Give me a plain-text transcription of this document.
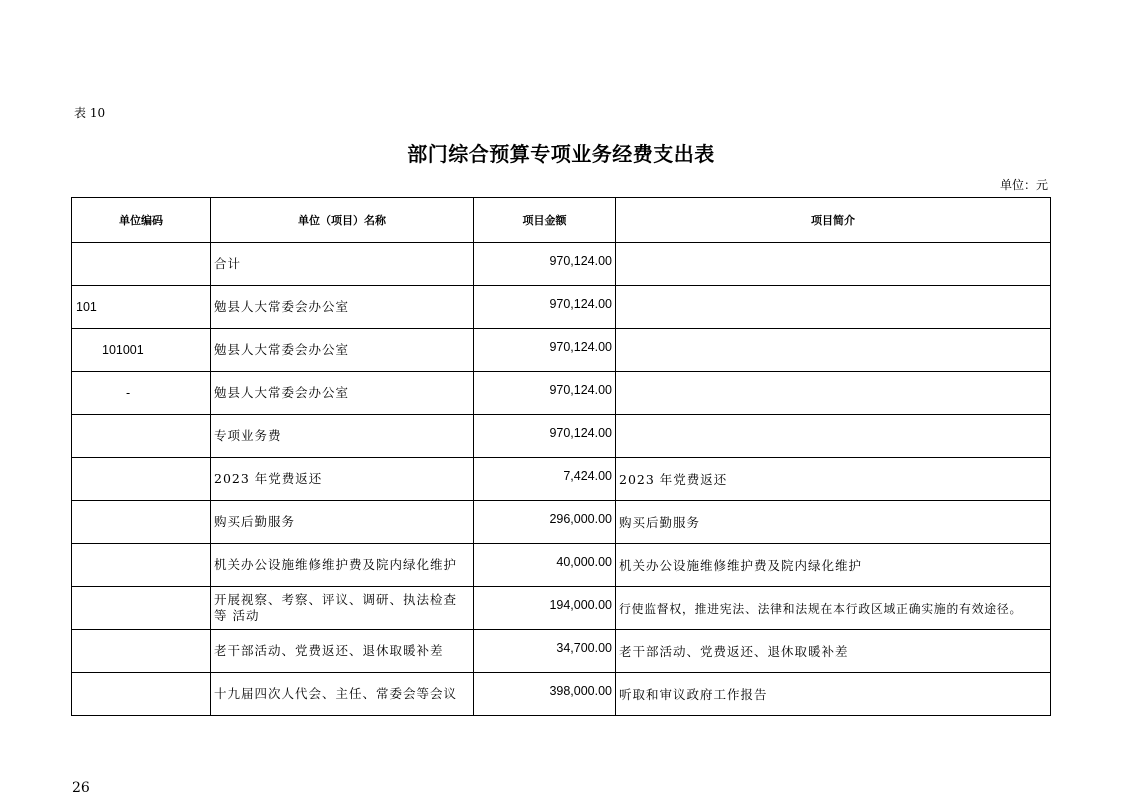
表 10
部门综合预算专项业务经费支出表
单位：元
单位编码	单位（项目）名称	项目金额	项目简介
	合计	970,124.00	
101	勉县人大常委会办公室	970,124.00	
101001	勉县人大常委会办公室	970,124.00	
-	勉县人大常委会办公室	970,124.00	
	专项业务费	970,124.00	
	2023 年党费返还	7,424.00	2023 年党费返还
	购买后勤服务	296,000.00	购买后勤服务
	机关办公设施维修维护费及院内绿化维护	40,000.00	机关办公设施维修维护费及院内绿化维护
	开展视察、考察、评议、调研、执法检查等 活动	194,000.00	行使监督权，推进宪法、法律和法规在本行政区域正确实施的有效途径。
	老干部活动、党费返还、退休取暖补差	34,700.00	老干部活动、党费返还、退休取暖补差
	十九届四次人代会、主任、常委会等会议	398,000.00	听取和审议政府工作报告
26
